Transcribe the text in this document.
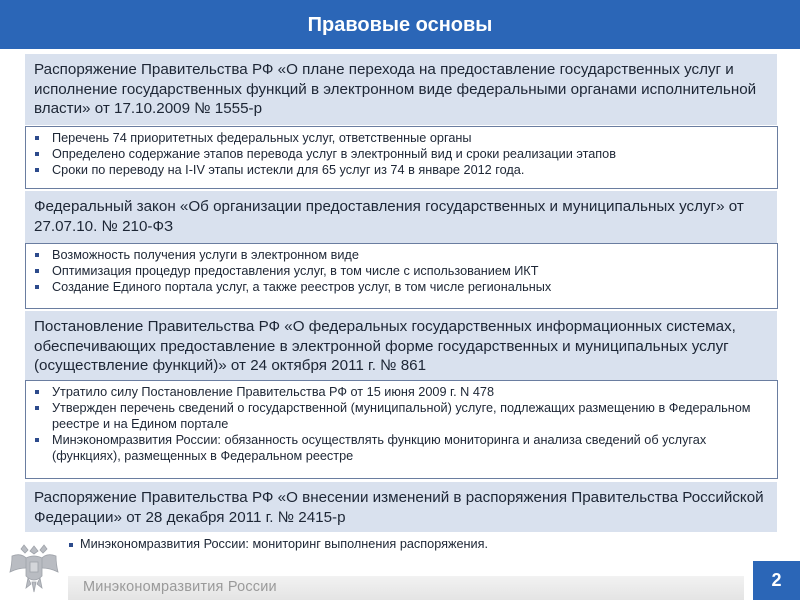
Правовые основы
Распоряжение Правительства РФ «О плане перехода на предоставление государственных услуг и исполнение государственных функций в электронном виде федеральными органами исполнительной власти» от 17.10.2009 № 1555-р
Перечень 74 приоритетных федеральных услуг, ответственные органы
Определено содержание этапов перевода услуг в электронный вид и сроки реализации этапов
Сроки по переводу на I-IV этапы истекли для 65 услуг из 74 в январе 2012 года.
Федеральный закон «Об организации предоставления государственных и муниципальных услуг» от 27.07.10. № 210-ФЗ
Возможность получения услуги в электронном виде
Оптимизация процедур предоставления услуг, в том числе с использованием ИКТ
Создание Единого портала услуг, а также реестров услуг, в том числе региональных
Постановление Правительства РФ «О федеральных государственных информационных системах, обеспечивающих предоставление в электронной форме государственных и муниципальных услуг (осуществление функций)» от 24 октября 2011 г. № 861
Утратило силу Постановление Правительства РФ от 15 июня 2009 г. N 478
Утвержден перечень сведений о государственной (муниципальной) услуге, подлежащих размещению в Федеральном реестре и на Едином портале
Минэкономразвития России: обязанность осуществлять функцию мониторинга и анализа сведений об услугах (функциях), размещенных в Федеральном реестре
Распоряжение Правительства РФ «О внесении изменений в распоряжения Правительства Российской Федерации» от 28 декабря 2011 г. № 2415-р
Минэкономразвития России: мониторинг выполнения распоряжения.
Минэкономразвития России	2
